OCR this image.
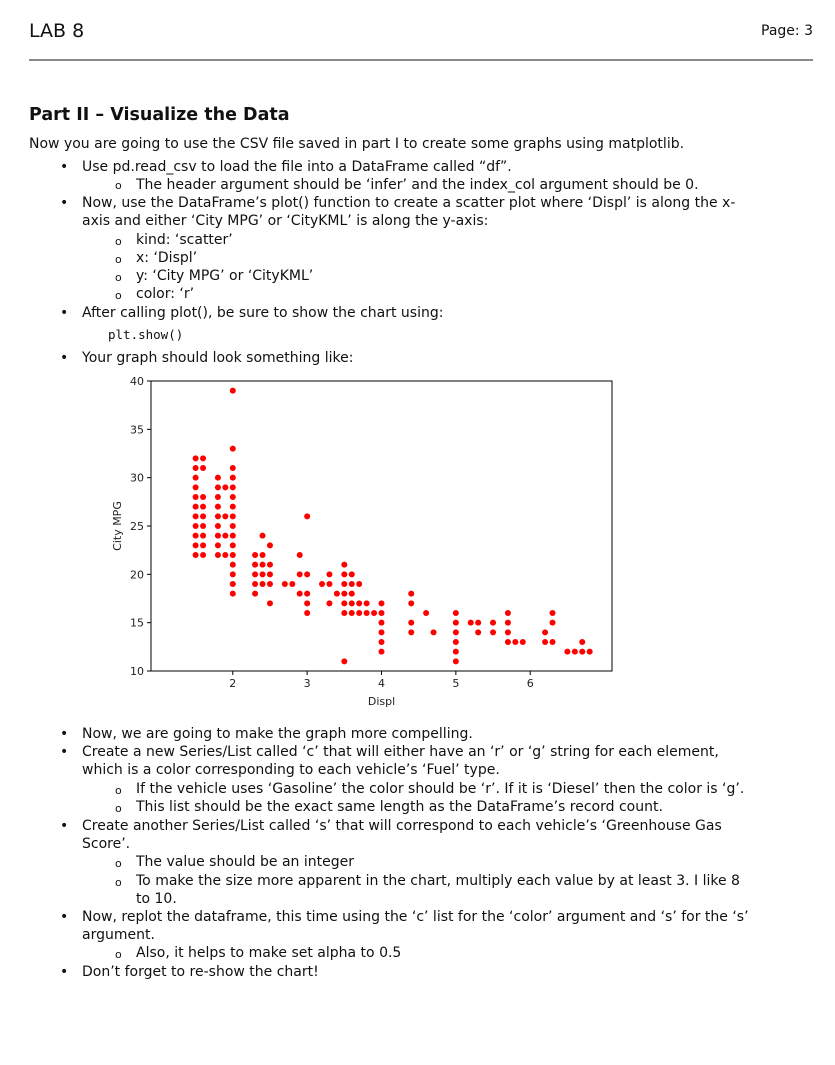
LAB 8	Page: 3
Part II – Visualize the Data
Now you are going to use the CSV file saved in part I to create some graphs using matplotlib.
• Use pd.read_csv to load the file into a DataFrame called “df”.
o The header argument should be ‘infer’ and the index_col argument should be 0.
• Now, use the DataFrame’s plot() function to create a scatter plot where ‘Displ’ is along the x-
axis and either ‘City MPG’ or ‘CityKML’ is along the y-axis:
o kind: ‘scatter’
o x: ‘Displ’
o y: ‘City MPG’ or ‘CityKML’
o color: ‘r’
• After calling plot(), be sure to show the chart using:
plt.show()
• Your graph should look something like:
10
15
20
25
30
35
40
2	3	4	5	6
Displ
City MPG
• Now, we are going to make the graph more compelling.
• Create a new Series/List called ‘c’ that will either have an ‘r’ or ‘g’ string for each element,
which is a color corresponding to each vehicle’s ‘Fuel’ type.
o If the vehicle uses ‘Gasoline’ the color should be ‘r’. If it is ‘Diesel’ then the color is ‘g’.
o This list should be the exact same length as the DataFrame’s record count.
• Create another Series/List called ‘s’ that will correspond to each vehicle’s ‘Greenhouse Gas
Score’.
o The value should be an integer
o To make the size more apparent in the chart, multiply each value by at least 3. I like 8
to 10.
• Now, replot the dataframe, this time using the ‘c’ list for the ‘color’ argument and ‘s’ for the ‘s’
argument.
o Also, it helps to make set alpha to 0.5
• Don’t forget to re-show the chart!
